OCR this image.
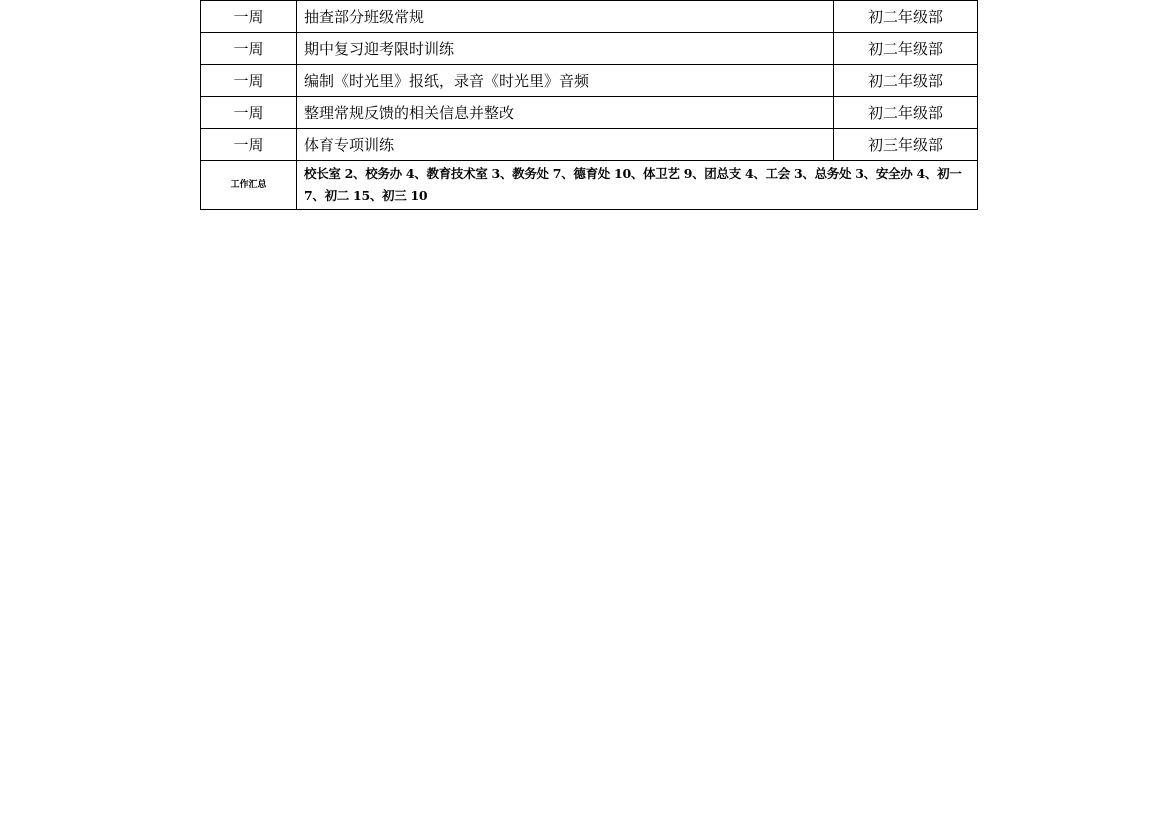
一周	抽查部分班级常规	初二年级部
一周	期中复习迎考限时训练	初二年级部
一周	编制《时光里》报纸，录音《时光里》音频	初二年级部
一周	整理常规反馈的相关信息并整改	初二年级部
一周	体育专项训练	初三年级部
工作汇总	校长室 2、校务办 4、教育技术室 3、教务处 7、德育处 10、体卫艺 9、团总支 4、工会 3、总务处 3、安全办 4、初一 7、初二 15、初三 10	
